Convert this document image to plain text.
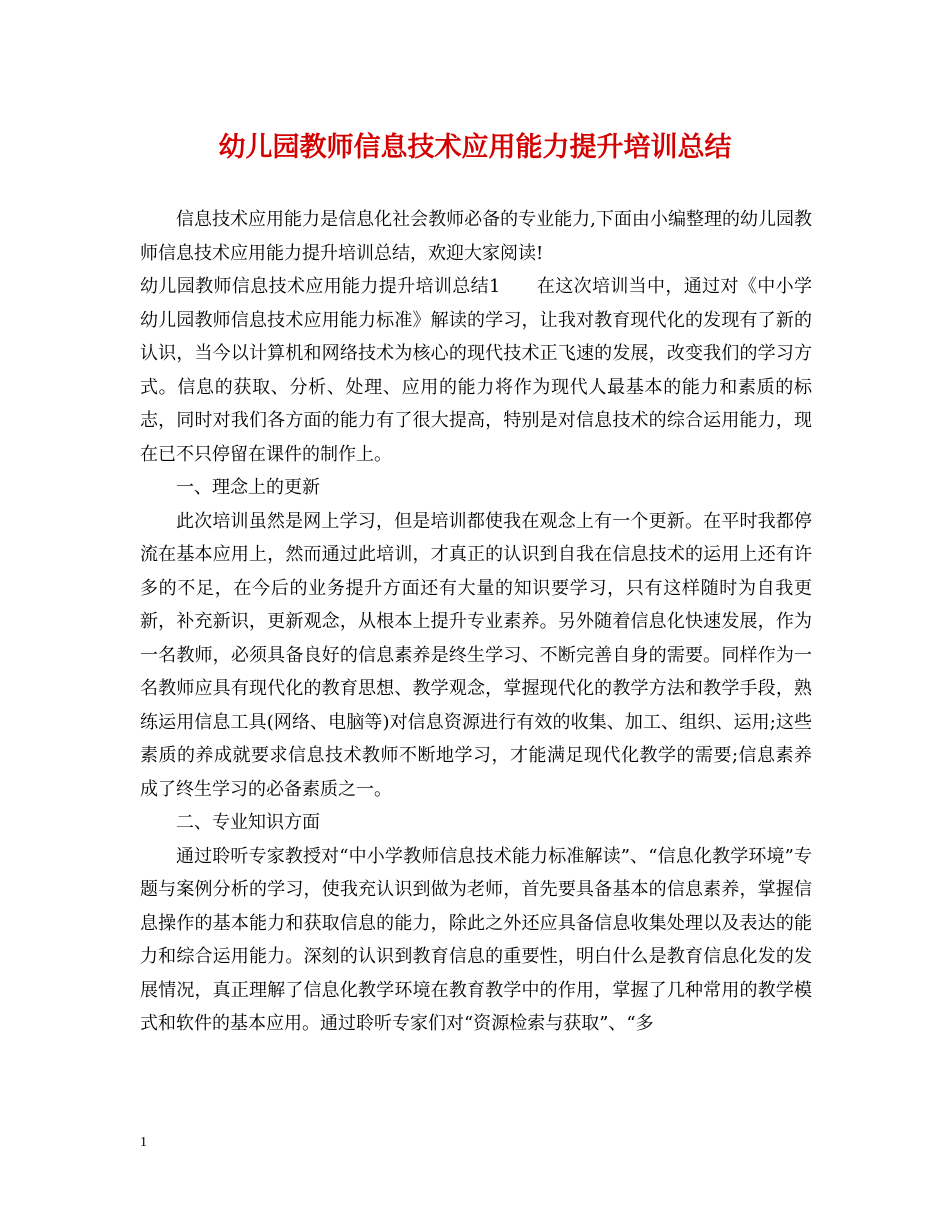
幼儿园教师信息技术应用能力提升培训总结

信息技术应用能力是信息化社会教师必备的专业能力,下面由小编整理的幼儿园教师信息技术应用能力提升培训总结，欢迎大家阅读!

幼儿园教师信息技术应用能力提升培训总结1 在这次培训当中，通过对《中小学幼儿园教师信息技术应用能力标准》解读的学习，让我对教育现代化的发现有了新的认识，当今以计算机和网络技术为核心的现代技术正飞速的发展，改变我们的学习方式。信息的获取、分析、处理、应用的能力将作为现代人最基本的能力和素质的标志，同时对我们各方面的能力有了很大提高，特别是对信息技术的综合运用能力，现在已不只停留在课件的制作上。

一、理念上的更新

此次培训虽然是网上学习，但是培训都使我在观念上有一个更新。在平时我都停流在基本应用上，然而通过此培训，才真正的认识到自我在信息技术的运用上还有许多的不足，在今后的业务提升方面还有大量的知识要学习，只有这样随时为自我更新，补充新识，更新观念，从根本上提升专业素养。另外随着信息化快速发展，作为一名教师，必须具备良好的信息素养是终生学习、不断完善自身的需要。同样作为一名教师应具有现代化的教育思想、教学观念，掌握现代化的教学方法和教学手段，熟练运用信息工具(网络、电脑等)对信息资源进行有效的收集、加工、组织、运用;这些素质的养成就要求信息技术教师不断地学习，才能满足现代化教学的需要;信息素养成了终生学习的必备素质之一。

二、专业知识方面

通过聆听专家教授对“中小学教师信息技术能力标准解读”、“信息化教学环境”专题与案例分析的学习，使我充认识到做为老师，首先要具备基本的信息素养，掌握信息操作的基本能力和获取信息的能力，除此之外还应具备信息收集处理以及表达的能力和综合运用能力。深刻的认识到教育信息的重要性，明白什么是教育信息化发的发展情况，真正理解了信息化教学环境在教育教学中的作用，掌握了几种常用的教学模式和软件的基本应用。通过聆听专家们对“资源检索与获取”、“多

1
